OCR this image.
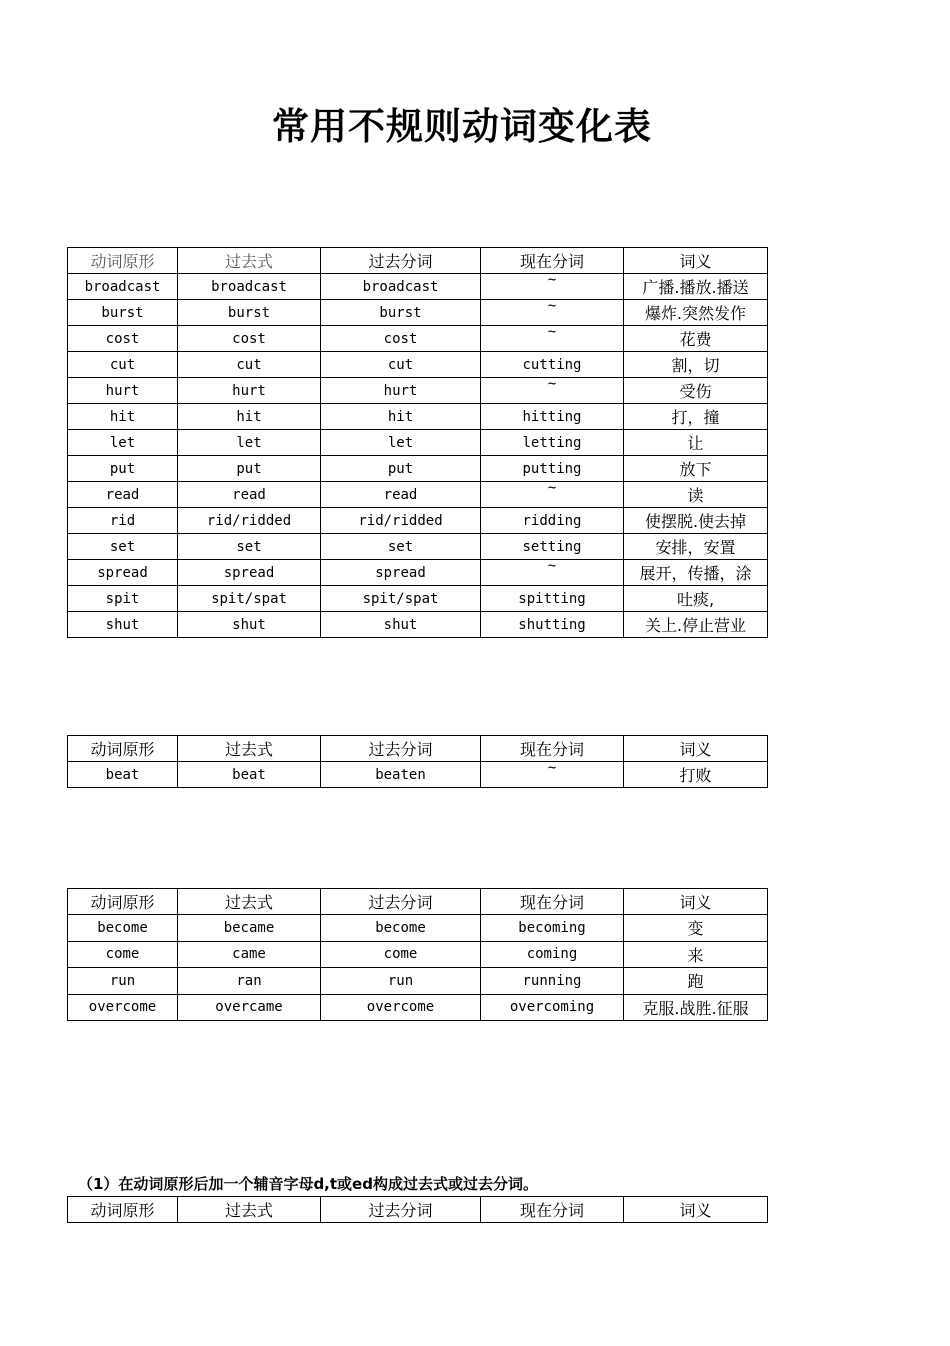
常用不规则动词变化表
动词原形	过去式	过去分词	现在分词	词义
broadcast	broadcast	broadcast	~	广播.播放.播送
burst	burst	burst	~	爆炸.突然发作
cost	cost	cost	~	花费
cut	cut	cut	cutting	割，切
hurt	hurt	hurt	~	受伤
hit	hit	hit	hitting	打，撞
let	let	let	letting	让
put	put	put	putting	放下
read	read	read	~	读
rid	rid/ridded	rid/ridded	ridding	使摆脱.使去掉
set	set	set	setting	安排，安置
spread	spread	spread	~	展开，传播，涂
spit	spit/spat	spit/spat	spitting	吐痰,
shut	shut	shut	shutting	关上.停止营业
动词原形	过去式	过去分词	现在分词	词义
beat	beat	beaten	~	打败
动词原形	过去式	过去分词	现在分词	词义
become	became	become	becoming	变
come	came	come	coming	来
run	ran	run	running	跑
overcome	overcame	overcome	overcoming	克服.战胜.征服
（1）在动词原形后加一个辅音字母d,t或ed构成过去式或过去分词。
动词原形	过去式	过去分词	现在分词	词义
